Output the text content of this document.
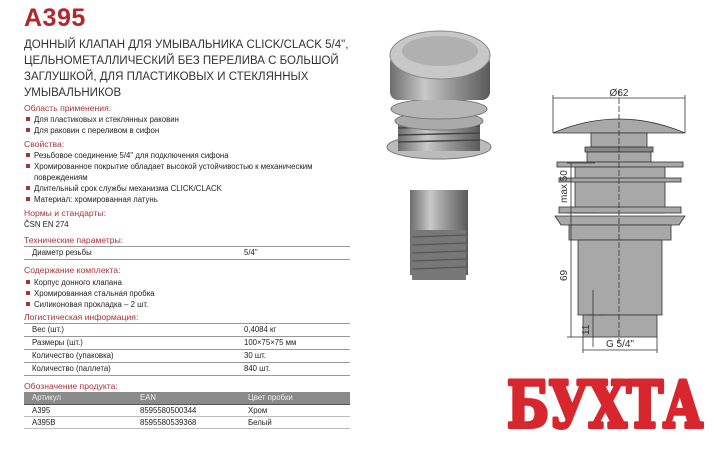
A395
ДОННЫЙ КЛАПАН ДЛЯ УМЫВАЛЬНИКА CLICK/CLACK 5/4", ЦЕЛЬНОМЕТАЛЛИЧЕСКИЙ БЕЗ ПЕРЕЛИВА С БОЛЬШОЙ ЗАГЛУШКОЙ, ДЛЯ ПЛАСТИКОВЫХ И СТЕКЛЯННЫХ УМЫВАЛЬНИКОВ
Область применения:
Для пластиковых и стеклянных раковин
Для раковин с переливом в сифон
Свойства:
Резьбовое соединение 5/4" для подключения сифона
Хромированное покрытие обладает высокой устойчивостью к механическим повреждениям
Длительный срок службы механизма CLICK/CLACK
Материал: хромированная латунь
Нормы и стандарты:
ČSN EN 274
Технические параметры:
Диаметр резьбы	5/4"
Содержание комплекта:
Корпус донного клапана
Хромированная стальная пробка
Силиконовая прокладка – 2 шт.
Логистическая информация:
Вес (шт.)	0,4084 кг
Размеры (шт.)	100×75×75 мм
Количество (упаковка)	30 шт.
Количество (паллета)	840 шт.
Обозначение продукта:
Артикул	EAN	Цвет пробки
A395	8595580500344	Хром
A395B	8595580539368	Белый
Ø62
max 50
69
11
G 5/4"
БУХТА
